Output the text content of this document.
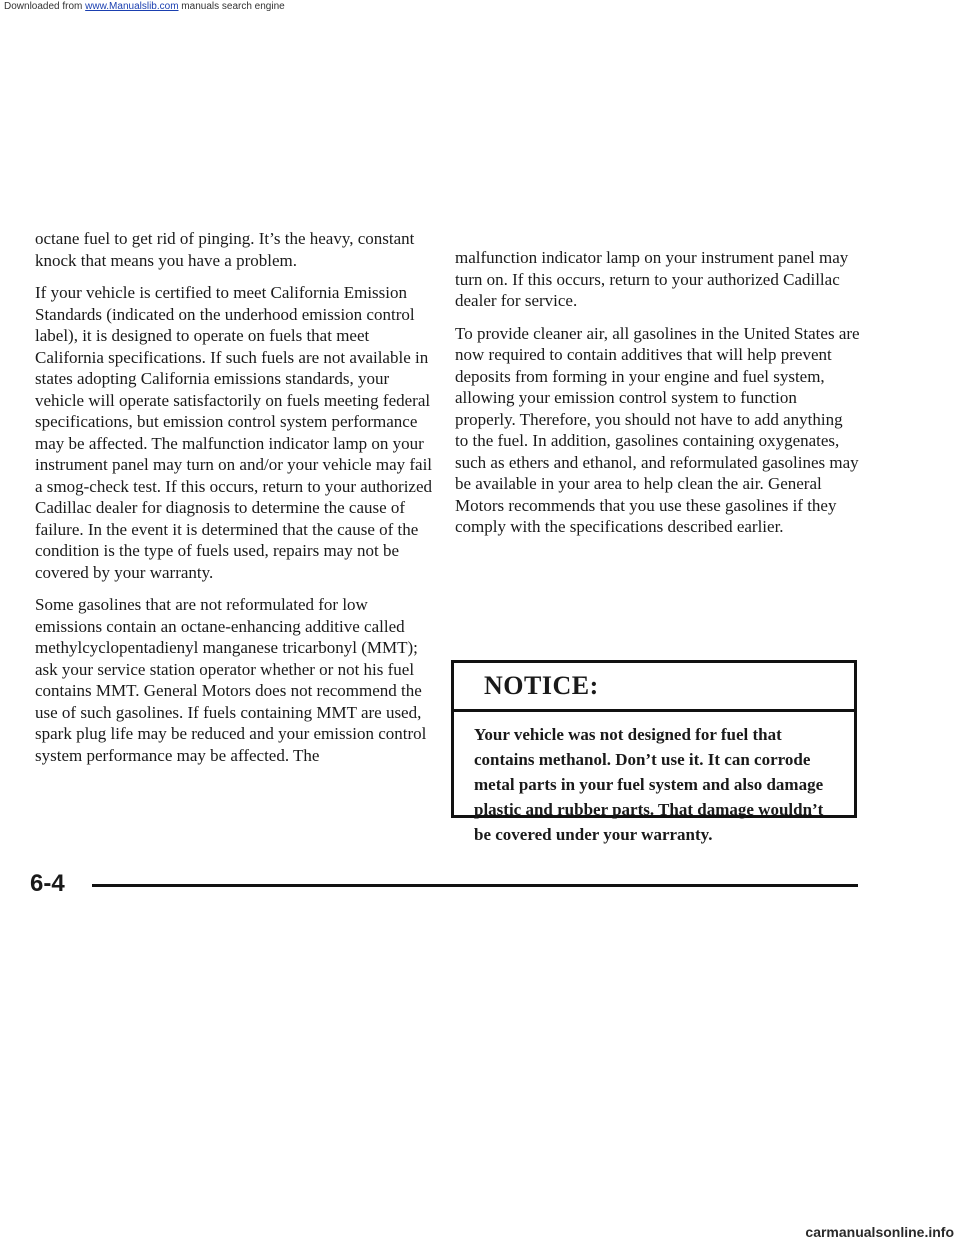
Downloaded from www.Manualslib.com manuals search engine

octane fuel to get rid of pinging. It’s the heavy, constant knock that means you have a problem.

If your vehicle is certified to meet California Emission Standards (indicated on the underhood emission control label), it is designed to operate on fuels that meet California specifications. If such fuels are not available in states adopting California emissions standards, your vehicle will operate satisfactorily on fuels meeting federal specifications, but emission control system performance may be affected. The malfunction indicator lamp on your instrument panel may turn on and/or your vehicle may fail a smog-check test. If this occurs, return to your authorized Cadillac dealer for diagnosis to determine the cause of failure. In the event it is determined that the cause of the condition is the type of fuels used, repairs may not be covered by your warranty.

Some gasolines that are not reformulated for low emissions contain an octane-enhancing additive called methylcyclopentadienyl manganese tricarbonyl (MMT); ask your service station operator whether or not his fuel contains MMT. General Motors does not recommend the use of such gasolines. If fuels containing MMT are used, spark plug life may be reduced and your emission control system performance may be affected. The

malfunction indicator lamp on your instrument panel may turn on. If this occurs, return to your authorized Cadillac dealer for service.

To provide cleaner air, all gasolines in the United States are now required to contain additives that will help prevent deposits from forming in your engine and fuel system, allowing your emission control system to function properly. Therefore, you should not have to add anything to the fuel. In addition, gasolines containing oxygenates, such as ethers and ethanol, and reformulated gasolines may be available in your area to help clean the air. General Motors recommends that you use these gasolines if they comply with the specifications described earlier.

NOTICE:
Your vehicle was not designed for fuel that contains methanol. Don’t use it. It can corrode metal parts in your fuel system and also damage plastic and rubber parts. That damage wouldn’t be covered under your warranty.
6-4
carmanualsonline.info
